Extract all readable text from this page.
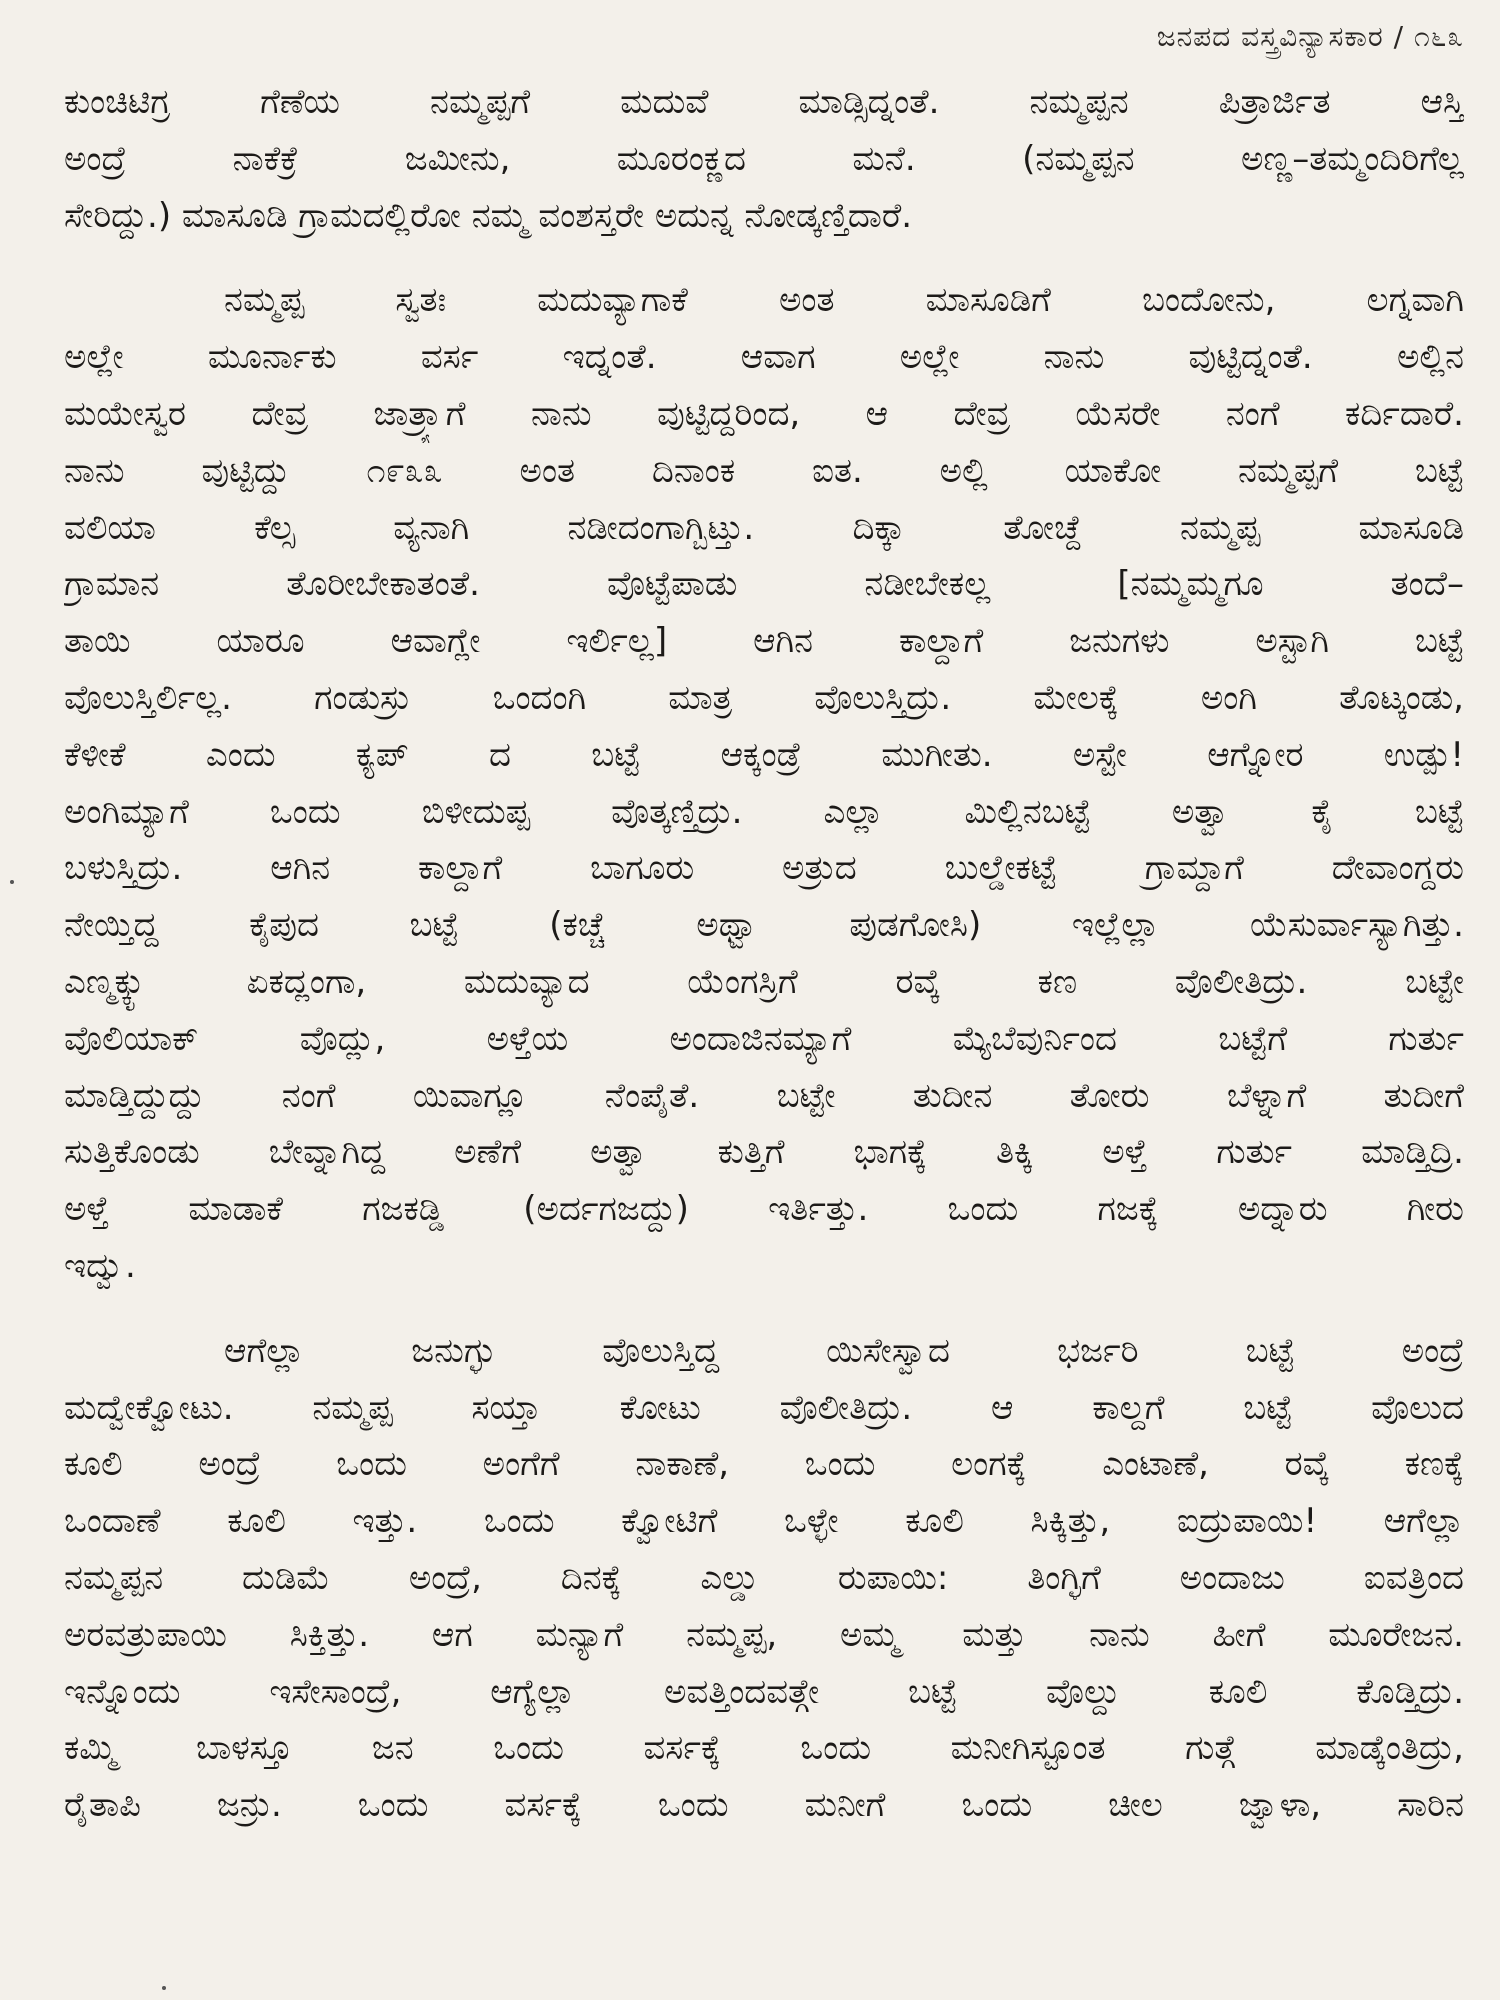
ಜನಪದ ವಸ್ತ್ರವಿನ್ಯಾಸಕಾರ / ೧೬೩
ಕುಂಚಿಟಿಗ್ರ ಗೆಣೆಯ ನಮ್ಮಪ್ಪಗೆ ಮದುವೆ ಮಾಡ್ಸಿದ್ನಂತೆ. ನಮ್ಮಪ್ಪನ ಪಿತ್ರಾರ್ಜಿತ ಆಸ್ತಿ
ಅಂದ್ರೆ ನಾಕೆಕ್ರೆ ಜಮೀನು, ಮೂರಂಕ್ಣದ ಮನೆ. (ನಮ್ಮಪ್ಪನ ಅಣ್ಣ–ತಮ್ಮಂದಿರಿಗೆಲ್ಲ
ಸೇರಿದ್ದು.) ಮಾಸೂಡಿ ಗ್ರಾಮದಲ್ಲಿರೋ ನಮ್ಮ ವಂಶಸ್ತರೇ ಅದುನ್ನ ನೋಡ್ಕಣ್ತಿದಾರೆ.
ನಮ್ಮಪ್ಪ ಸ್ವತಃ ಮದುವ್ಯಾಗಾಕೆ ಅಂತ ಮಾಸೂಡಿಗೆ ಬಂದೋನು, ಲಗ್ನವಾಗಿ
ಅಲ್ಲೇ ಮೂರ್ನಾಕು ವರ್ಸ ಇದ್ನಂತೆ. ಆವಾಗ ಅಲ್ಲೇ ನಾನು ವುಟ್ಟಿದ್ನಂತೆ. ಅಲ್ಲಿನ
ಮಯೇಸ್ವರ ದೇವ್ರ ಜಾತ್ರ್ಯಾಗೆ ನಾನು ವುಟ್ಟಿದ್ದರಿಂದ, ಆ ದೇವ್ರ ಯೆಸರೇ ನಂಗೆ ಕರ್ದಿದಾರೆ.
ನಾನು ವುಟ್ಟಿದ್ದು ೧೯೩೩ ಅಂತ ದಿನಾಂಕ ಐತ. ಅಲ್ಲಿ ಯಾಕೋ ನಮ್ಮಪ್ಪಗೆ ಬಟ್ಟೆ
ವಲಿಯಾ ಕೆಲ್ಸ ವ್ಯನಾಗಿ ನಡೀದಂಗಾಗ್ಬಿಟ್ತು. ದಿಕ್ಕಾ ತೋಚ್ದೆ ನಮ್ಮಪ್ಪ ಮಾಸೂಡಿ
ಗ್ರಾಮಾನ ತೊರೀಬೇಕಾತಂತೆ. ವೊಟ್ಟೆಪಾಡು ನಡೀಬೇಕಲ್ಲ [ನಮ್ಮಮ್ಮಗೂ ತಂದೆ–
ತಾಯಿ ಯಾರೂ ಆವಾಗ್ಲೇ ಇರ್ಲಿಲ್ಲ] ಆಗಿನ ಕಾಲ್ದಾಗೆ ಜನುಗಳು ಅಸ್ಟಾಗಿ ಬಟ್ಟೆ
ವೊಲುಸ್ತಿರ್ಲಿಲ್ಲ. ಗಂಡುಸ್ರು ಒಂದಂಗಿ ಮಾತ್ರ ವೊಲುಸ್ತಿದ್ರು. ಮೇಲಕ್ಕೆ ಅಂಗಿ ತೊಟ್ಕಂಡು,
ಕೆಳೀಕೆ ಎಂದು ಕ್ಯಪ್ ದ ಬಟ್ಟೆ ಆಕ್ಕಂಡ್ರೆ ಮುಗೀತು. ಅಸ್ಟೇ ಆಗ್ನೋರ ಉಡ್ಪು!
ಅಂಗಿಮ್ಯಾಗೆ ಒಂದು ಬಿಳೀದುಪ್ಪ ವೊತ್ಕಣ್ತಿದ್ರು. ಎಲ್ಲಾ ಮಿಲ್ಲಿನಬಟ್ಟೆ ಅತ್ವಾ ಕೈ ಬಟ್ಟೆ
ಬಳುಸ್ತಿದ್ರು. ಆಗಿನ ಕಾಲ್ದಾಗೆ ಬಾಗೂರು ಅತ್ರುದ ಬುಲ್ಡೇಕಟ್ಟೆ ಗ್ರಾಮ್ದಾಗೆ ದೇವಾಂಗ್ದರು
ನೇಯ್ತಿದ್ದ ಕೈಪುದ ಬಟ್ಟೆ (ಕಚ್ಚೆ ಅಥ್ವಾ ಪುಡಗೋಸಿ) ಇಲ್ಲೆಲ್ಲಾ ಯೆಸುರ್ವಾಸ್ಯಾಗಿತ್ತು.
ಎಣ್ಮಕ್ಕ್ಳು ಏಕದ್ಲಂಗಾ, ಮದುವ್ಯಾದ ಯೆಂಗಸ್ರಿಗೆ ರವ್ಕೆ ಕಣ ವೊಲೀತಿದ್ರು. ಬಟ್ಟೇ
ವೊಲಿಯಾಕ್ ವೊದ್ಲು, ಅಳ್ತೆಯ ಅಂದಾಜಿನಮ್ಯಾಗೆ ಮ್ಯೆಬೆವುರ್ನಿಂದ ಬಟ್ಟೆಗೆ ಗುರ್ತು
ಮಾಡ್ತಿದ್ದುದ್ದು ನಂಗೆ ಯಿವಾಗ್ಲೂ ನೆಂಪೈತೆ. ಬಟ್ಟೇ ತುದೀನ ತೋರು ಬೆಳ್ನಾಗೆ ತುದೀಗೆ
ಸುತ್ತಿಕೊಂಡು ಬೇವ್ನಾಗಿದ್ದ ಅಣೆಗೆ ಅತ್ವಾ ಕುತ್ತಿಗೆ ಭಾಗಕ್ಕೆ ತಿಕ್ಕಿ ಅಳ್ತೆ ಗುರ್ತು ಮಾಡ್ತಿದ್ರಿ.
ಅಳ್ತೆ ಮಾಡಾಕೆ ಗಜಕಡ್ಡಿ (ಅರ್ದಗಜದ್ದು) ಇರ್ತಿತ್ತು. ಒಂದು ಗಜಕ್ಕೆ ಅದ್ನಾರು ಗೀರು
ಇದ್ವು.
ಆಗೆಲ್ಲಾ ಜನುಗ್ಳು ವೊಲುಸ್ತಿದ್ದ ಯಿಸೇಸ್ವಾದ ಭರ್ಜರಿ ಬಟ್ಟೆ ಅಂದ್ರೆ
ಮದ್ವೇಕ್ವೋಟು. ನಮ್ಮಪ್ಪ ಸಯ್ತಾ ಕೋಟು ವೊಲೀತಿದ್ರು. ಆ ಕಾಲ್ದಗೆ ಬಟ್ಟೆ ವೊಲುದ
ಕೂಲಿ ಅಂದ್ರೆ ಒಂದು ಅಂಗೆಗೆ ನಾಕಾಣೆ, ಒಂದು ಲಂಗಕ್ಕೆ ಎಂಟಾಣೆ, ರವ್ಕೆ ಕಣಕ್ಕೆ
ಒಂದಾಣೆ ಕೂಲಿ ಇತ್ತು. ಒಂದು ಕ್ವೋಟಿಗೆ ಒಳ್ಳೇ ಕೂಲಿ ಸಿಕ್ಕಿತ್ತು, ಐದ್ರುಪಾಯಿ! ಆಗೆಲ್ಲಾ
ನಮ್ಮಪ್ಪನ ದುಡಿಮೆ ಅಂದ್ರೆ, ದಿನಕ್ಕೆ ಎಲ್ಡು ರುಪಾಯಿ: ತಿಂಗ್ಳಿಗೆ ಅಂದಾಜು ಐವತ್ರಿಂದ
ಅರವತ್ರುಪಾಯಿ ಸಿಕ್ತಿತ್ತು. ಆಗ ಮನ್ಯಾಗೆ ನಮ್ಮಪ್ಪ, ಅಮ್ಮ ಮತ್ತು ನಾನು ಹೀಗೆ ಮೂರೇಜನ.
ಇನ್ನೊಂದು ಇಸೇಸಾಂದ್ರೆ, ಆಗ್ಯೆಲ್ಲಾ ಅವತ್ತಿಂದವತ್ಗೇ ಬಟ್ಟೆ ವೊಲ್ದು ಕೂಲಿ ಕೊಡ್ತಿದ್ರು.
ಕಮ್ಮಿ ಬಾಳಸ್ತೂ ಜನ ಒಂದು ವರ್ಸಕ್ಕೆ ಒಂದು ಮನೀಗಿಸ್ಟೂಂತ ಗುತ್ಗೆ ಮಾಡ್ಕೆಂತಿದ್ರು,
ರೈತಾಪಿ ಜನ್ರು. ಒಂದು ವರ್ಸಕ್ಕೆ ಒಂದು ಮನೀಗೆ ಒಂದು ಚೀಲ ಜ್ವಾಳಾ, ಸಾರಿನ
